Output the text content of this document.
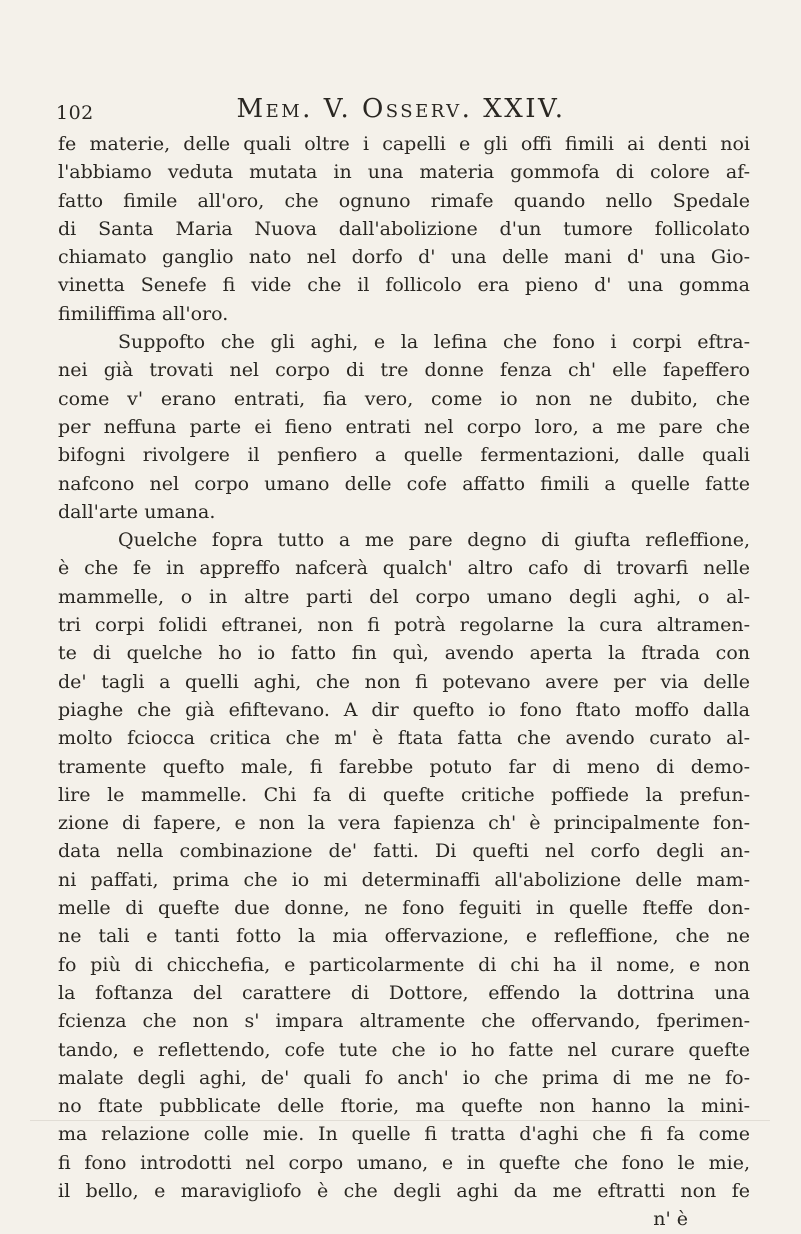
102	Mem. V. Osserv. XXIV.
fe materie, delle quali oltre i capelli e gli offi fimili ai denti noi
l'abbiamo veduta mutata in una materia gommofa di colore af-
fatto fimile all'oro, che ognuno rimafe quando nello Spedale
di Santa Maria Nuova dall'abolizione d'un tumore follicolato
chiamato ganglio nato nel dorfo d' una delle mani d' una Gio-
vinetta Senefe fi vide che il follicolo era pieno d' una gomma
fimiliffima all'oro.
Suppofto che gli aghi, e la lefina che fono i corpi eftra-
nei già trovati nel corpo di tre donne fenza ch' elle fapeffero
come v' erano entrati, fia vero, come io non ne dubito, che
per neffuna parte ei fieno entrati nel corpo loro, a me pare che
bifogni rivolgere il penfiero a quelle fermentazioni, dalle quali
nafcono nel corpo umano delle cofe affatto fimili a quelle fatte
dall'arte umana.
Quelche fopra tutto a me pare degno di giufta refleffione,
è che fe in appreffo nafcerà qualch' altro cafo di trovarfi nelle
mammelle, o in altre parti del corpo umano degli aghi, o al-
tri corpi folidi eftranei, non fi potrà regolarne la cura altramen-
te di quelche ho io fatto fin quì, avendo aperta la ftrada con
de' tagli a quelli aghi, che non fi potevano avere per via delle
piaghe che già efiftevano. A dir quefto io fono ftato moffo dalla
molto fciocca critica che m' è ftata fatta che avendo curato al-
tramente quefto male, fi farebbe potuto far di meno di demo-
lire le mammelle. Chi fa di quefte critiche poffiede la prefun-
zione di fapere, e non la vera fapienza ch' è principalmente fon-
data nella combinazione de' fatti. Di quefti nel corfo degli an-
ni paffati, prima che io mi determinaffi all'abolizione delle mam-
melle di quefte due donne, ne fono feguiti in quelle fteffe don-
ne tali e tanti fotto la mia offervazione, e refleffione, che ne
fo più di chicchefia, e particolarmente di chi ha il nome, e non
la foftanza del carattere di Dottore, effendo la dottrina una
fcienza che non s' impara altramente che offervando, fperimen-
tando, e reflettendo, cofe tute che io ho fatte nel curare quefte
malate degli aghi, de' quali fo anch' io che prima di me ne fo-
no ftate pubblicate delle ftorie, ma quefte non hanno la mini-
ma relazione colle mie. In quelle fi tratta d'aghi che fi fa come
fi fono introdotti nel corpo umano, e in quefte che fono le mie,
il bello, e maravigliofo è che degli aghi da me eftratti non fe
n' è
